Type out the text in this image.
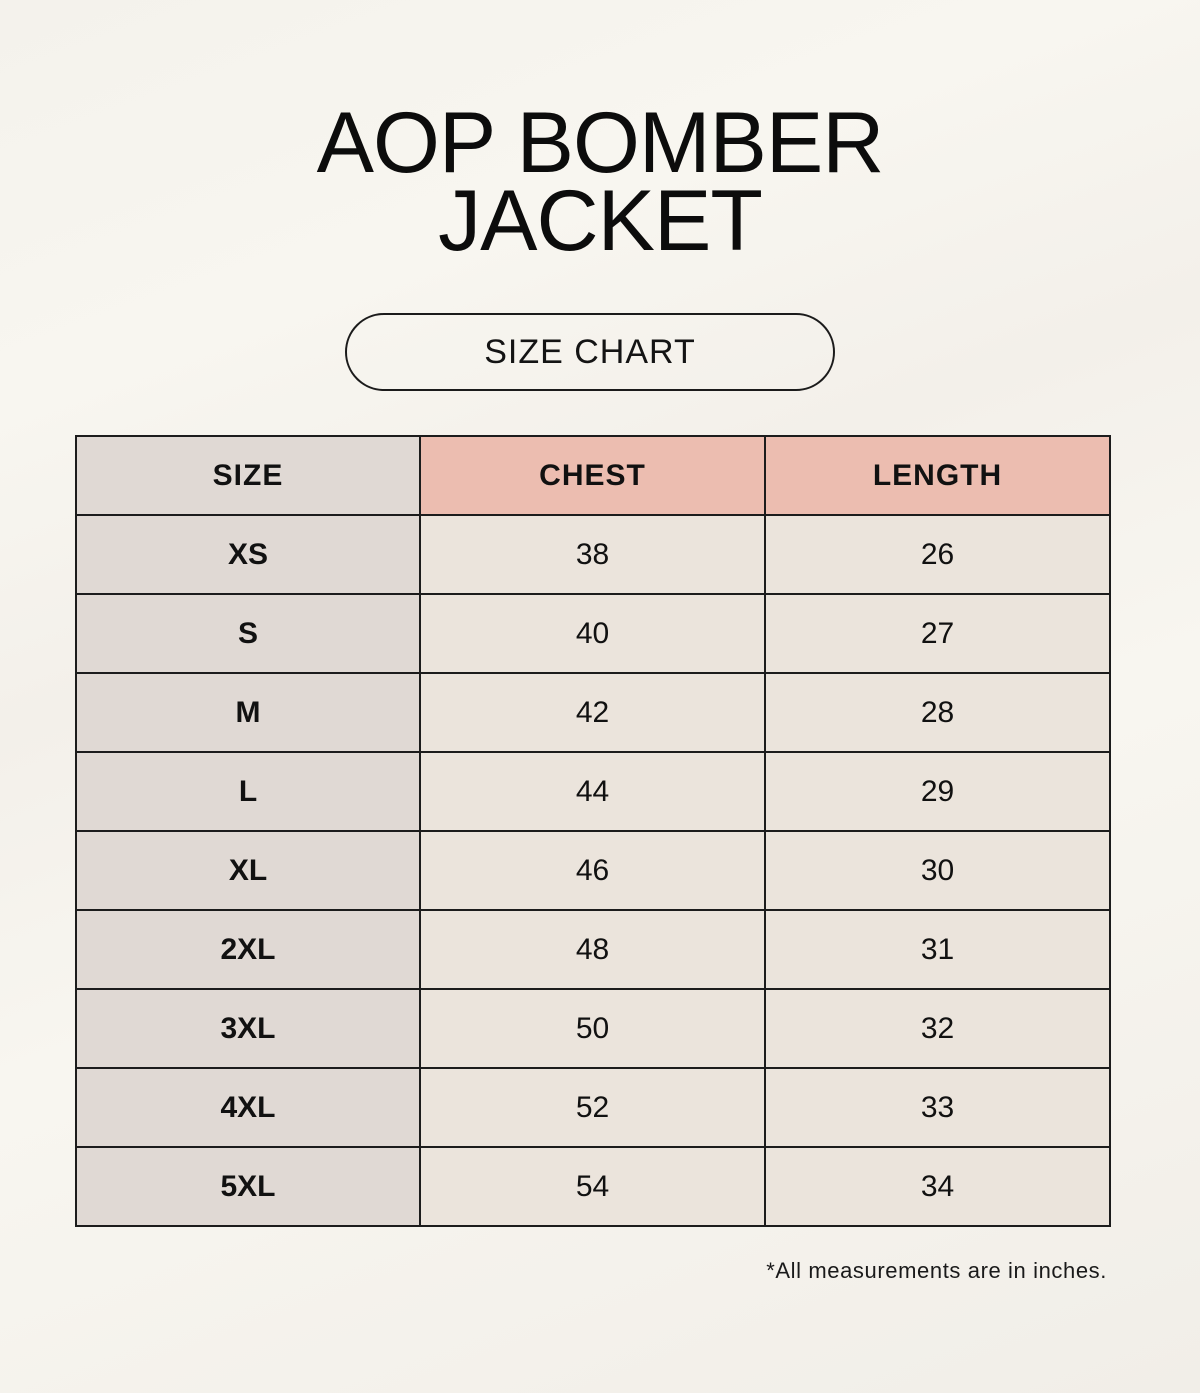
AOP BOMBER
JACKET
SIZE CHART
SIZE	CHEST	LENGTH
XS	38	26
S	40	27
M	42	28
L	44	29
XL	46	30
2XL	48	31
3XL	50	32
4XL	52	33
5XL	54	34
*All measurements are in inches.
